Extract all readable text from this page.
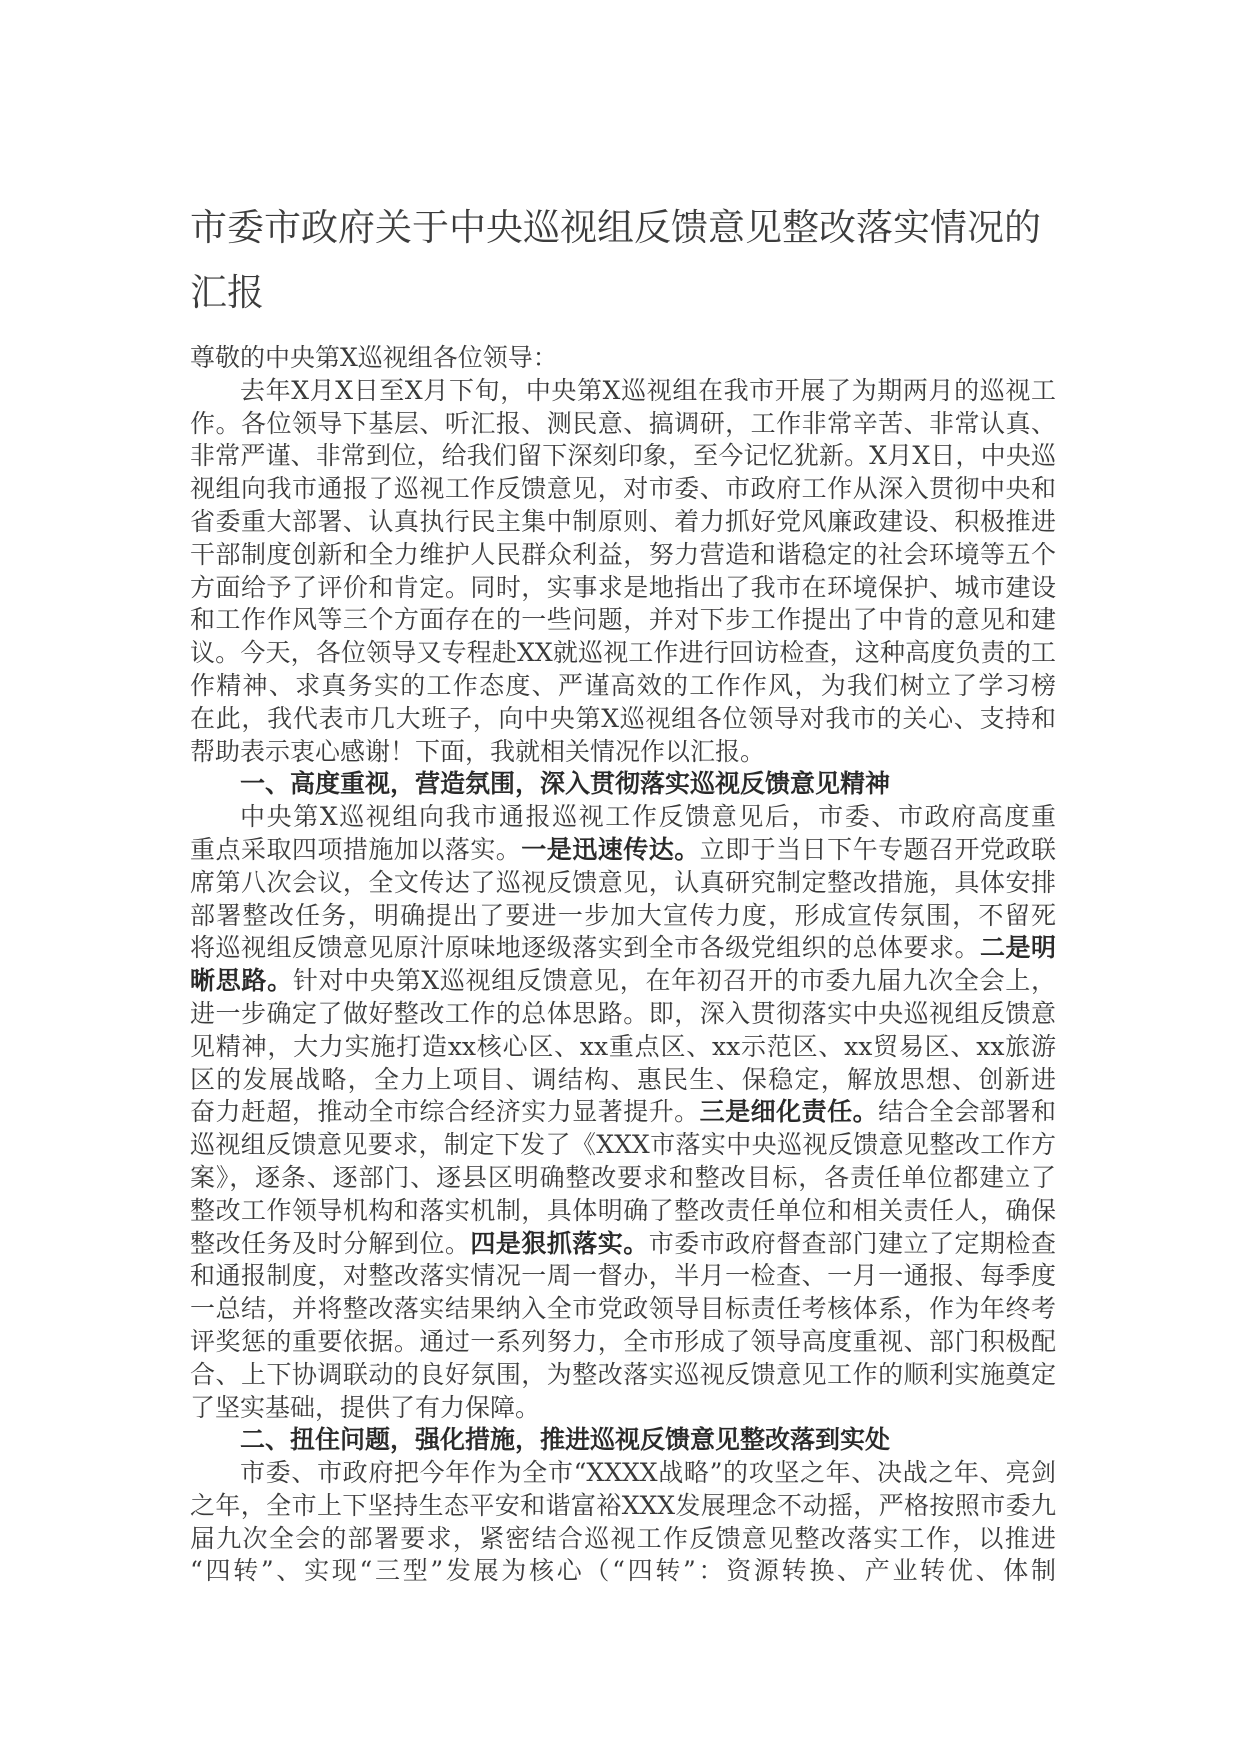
市委市政府关于中央巡视组反馈意见整改落实情况的
汇报
尊敬的中央第X巡视组各位领导：
去年X月X日至X月下旬，中央第X巡视组在我市开展了为期两月的巡视工
作。各位领导下基层、听汇报、测民意、搞调研，工作非常辛苦、非常认真、
非常严谨、非常到位，给我们留下深刻印象，至今记忆犹新。X月X日，中央巡
视组向我市通报了巡视工作反馈意见，对市委、市政府工作从深入贯彻中央和
省委重大部署、认真执行民主集中制原则、着力抓好党风廉政建设、积极推进
干部制度创新和全力维护人民群众利益，努力营造和谐稳定的社会环境等五个
方面给予了评价和肯定。同时，实事求是地指出了我市在环境保护、城市建设
和工作作风等三个方面存在的一些问题，并对下步工作提出了中肯的意见和建
议。今天，各位领导又专程赴XX就巡视工作进行回访检查，这种高度负责的工
作精神、求真务实的工作态度、严谨高效的工作作风，为我们树立了学习榜
在此，我代表市几大班子，向中央第X巡视组各位领导对我市的关心、支持和
帮助表示衷心感谢！下面，我就相关情况作以汇报。
一、高度重视，营造氛围，深入贯彻落实巡视反馈意见精神
中央第X巡视组向我市通报巡视工作反馈意见后，市委、市政府高度重
重点采取四项措施加以落实。一是迅速传达。立即于当日下午专题召开党政联
席第八次会议，全文传达了巡视反馈意见，认真研究制定整改措施，具体安排
部署整改任务，明确提出了要进一步加大宣传力度，形成宣传氛围，不留死
将巡视组反馈意见原汁原味地逐级落实到全市各级党组织的总体要求。二是明
晰思路。针对中央第X巡视组反馈意见，在年初召开的市委九届九次全会上，
进一步确定了做好整改工作的总体思路。即，深入贯彻落实中央巡视组反馈意
见精神，大力实施打造xx核心区、xx重点区、xx示范区、xx贸易区、xx旅游
区的发展战略，全力上项目、调结构、惠民生、保稳定，解放思想、创新进
奋力赶超，推动全市综合经济实力显著提升。三是细化责任。结合全会部署和
巡视组反馈意见要求，制定下发了《XXX市落实中央巡视反馈意见整改工作方
案》，逐条、逐部门、逐县区明确整改要求和整改目标，各责任单位都建立了
整改工作领导机构和落实机制，具体明确了整改责任单位和相关责任人，确保
整改任务及时分解到位。四是狠抓落实。市委市政府督查部门建立了定期检查
和通报制度，对整改落实情况一周一督办，半月一检查、一月一通报、每季度
一总结，并将整改落实结果纳入全市党政领导目标责任考核体系，作为年终考
评奖惩的重要依据。通过一系列努力，全市形成了领导高度重视、部门积极配
合、上下协调联动的良好氛围，为整改落实巡视反馈意见工作的顺利实施奠定
了坚实基础，提供了有力保障。
二、扭住问题，强化措施，推进巡视反馈意见整改落到实处
市委、市政府把今年作为全市“XXXX战略”的攻坚之年、决战之年、亮剑
之年，全市上下坚持生态平安和谐富裕XXX发展理念不动摇，严格按照市委九
届九次全会的部署要求，紧密结合巡视工作反馈意见整改落实工作，以推进
“四转”、实现“三型”发展为核心（“四转”：资源转换、产业转优、体制
